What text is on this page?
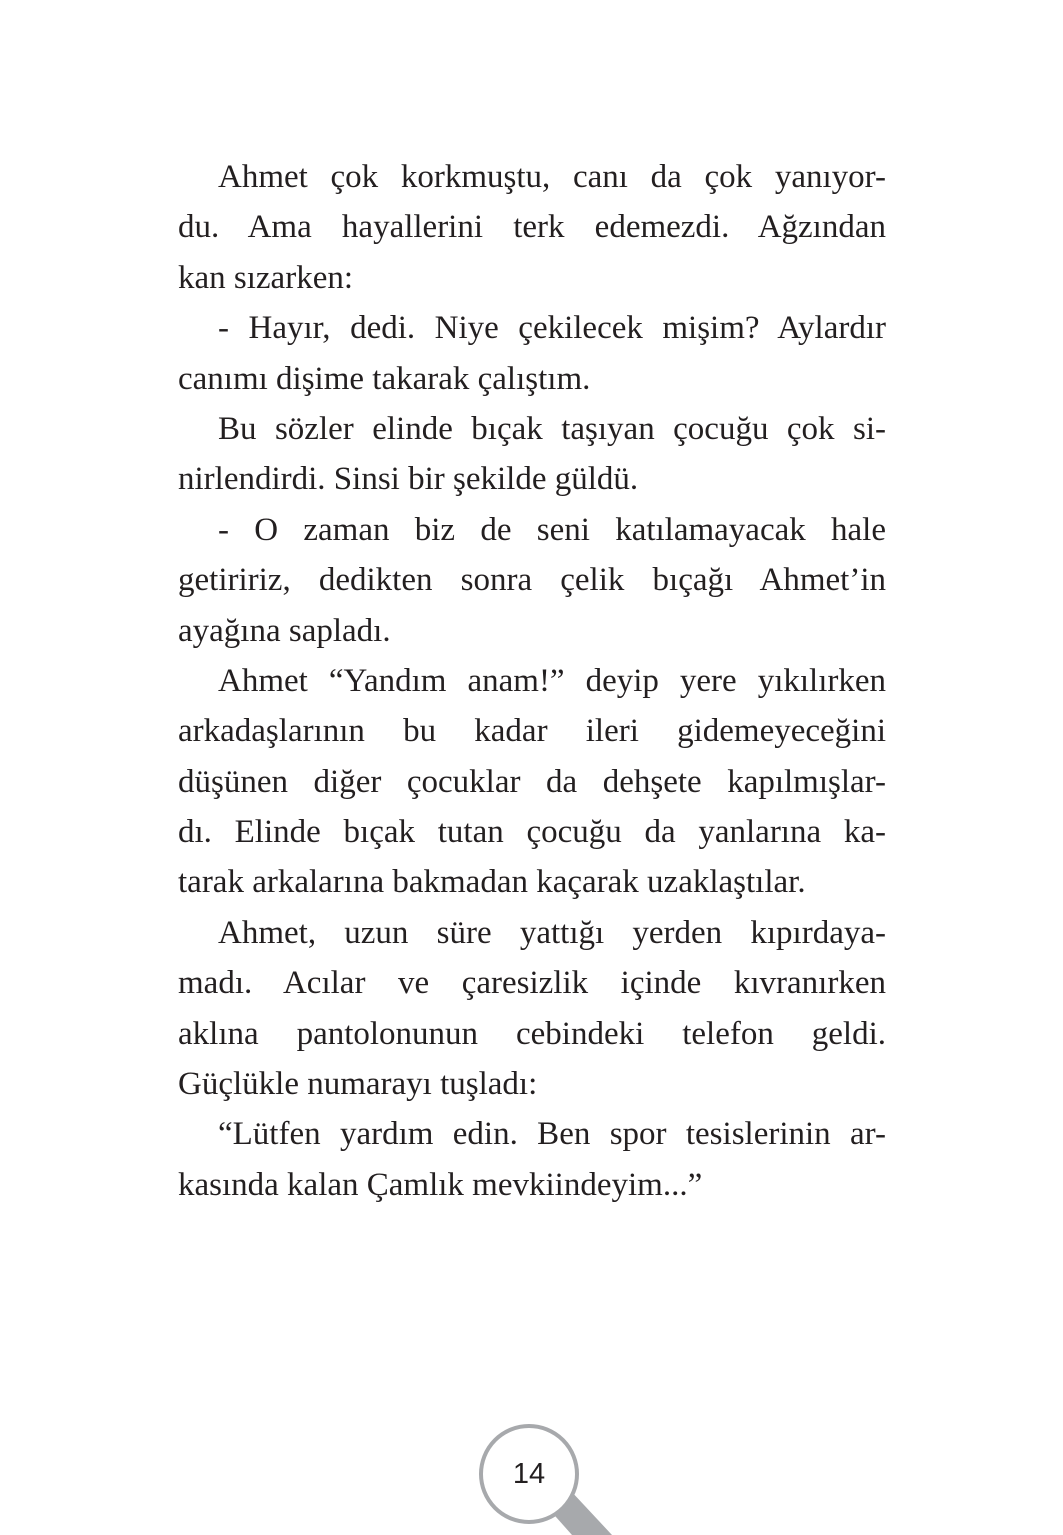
Ahmet çok korkmuştu, canı da çok yanıyor-
du. Ama hayallerini terk edemezdi. Ağzından
kan sızarken:
- Hayır, dedi. Niye çekilecek mişim? Aylardır
canımı dişime takarak çalıştım.
Bu sözler elinde bıçak taşıyan çocuğu çok si-
nirlendirdi. Sinsi bir şekilde güldü.
- O zaman biz de seni katılamayacak hale
getiririz, dedikten sonra çelik bıçağı Ahmet’in
ayağına sapladı.
Ahmet “Yandım anam!” deyip yere yıkılırken
arkadaşlarının bu kadar ileri gidemeyeceğini
düşünen diğer çocuklar da dehşete kapılmışlar-
dı. Elinde bıçak tutan çocuğu da yanlarına ka-
tarak arkalarına bakmadan kaçarak uzaklaştılar.
Ahmet, uzun süre yattığı yerden kıpırdaya-
madı. Acılar ve çaresizlik içinde kıvranırken
aklına pantolonunun cebindeki telefon geldi.
Güçlükle numarayı tuşladı:
“Lütfen yardım edin. Ben spor tesislerinin ar-
kasında kalan Çamlık mevkiindeyim...”
14
